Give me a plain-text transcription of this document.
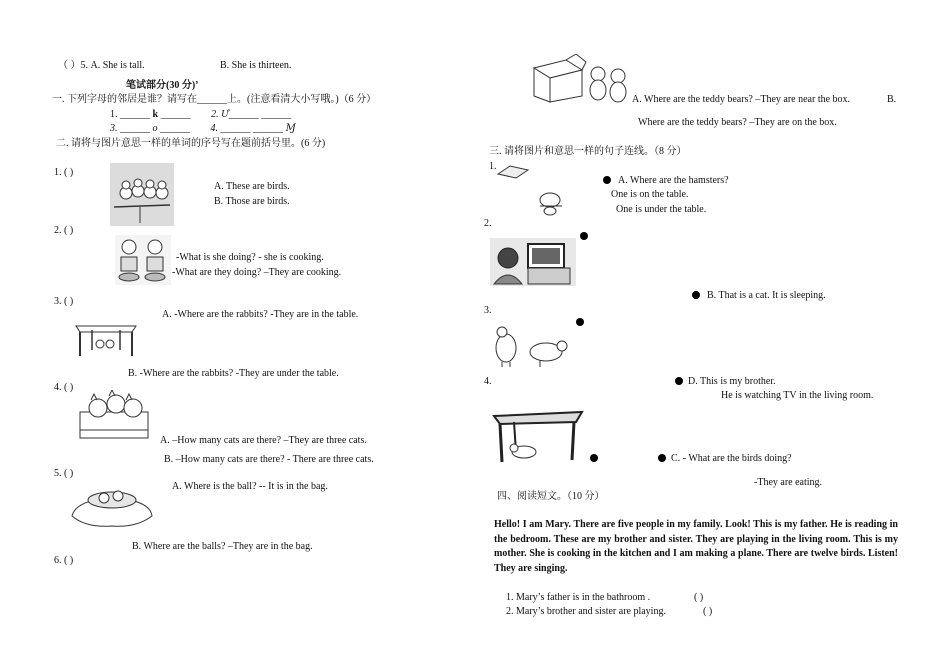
（ ）5. A. She is tall.	B. She is thirteen.
笔试部分(30 分)’
一. 下列字母的邻居是谁？请写在______上。(注意看清大小写哦。)（6 分）
1. ______ k ______ 2. Ư______ ______
3. ______ o ______ 4. ______ ______ Ɱ
二. 请将与图片意思一样的单词的序号写在题前括号里。(6 分)
1. ( )
A. These are birds.
B. Those are birds.
2. ( )
-What is she doing? - she is cooking.
-What are they doing? –They are cooking.
3. ( )
A. -Where are the rabbits? -They are in the table.
B. -Where are the rabbits? -They are under the table.
4. ( )
A. –How many cats are there? –They are three cats.
B. –How many cats are there? - There are three cats.
5. ( )
A. Where is the ball? -- It is in the bag.
B. Where are the balls? –They are in the bag.
6. ( )
A. Where are the teddy bears? –They are near the box.	B.
Where are the teddy bears? –They are on the box.
三. 请将图片和意思一样的句子连线。（8 分）
1.
A. Where are the hamsters?
One is on the table.
One is under the table.
2.
B. That is a cat. It is sleeping.
3.
4.	D. This is my brother.
He is watching TV in the living room.
C. - What are the birds doing?
-They are eating.
四、阅读短文。（10 分）
Hello! I am Mary. There are five people in my family. Look! This is my father. He is reading in the bedroom. These are my brother and sister. They are playing in the living room. This is my mother. She is cooking in the kitchen and I am making a plane. There are twelve birds. Listen! They are singing.
1. Mary’s father is in the bathroom .	( )
2. Mary’s brother and sister are playing.	( )
